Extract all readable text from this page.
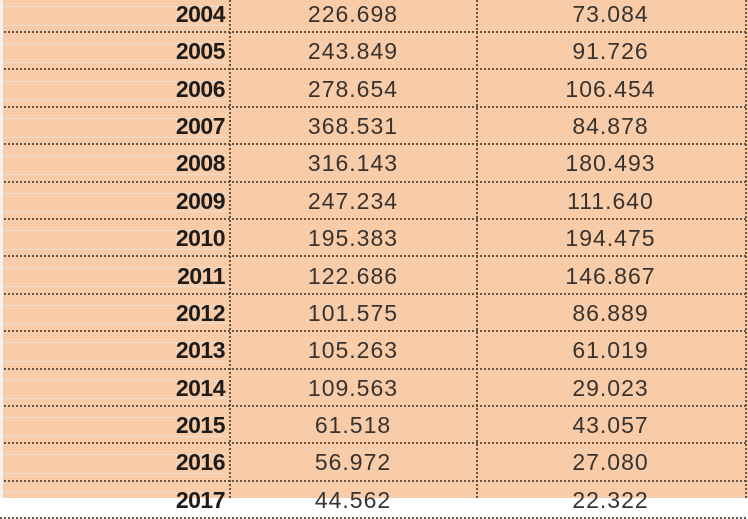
2004	226.698	73.084
2005	243.849	91.726
2006	278.654	106.454
2007	368.531	84.878
2008	316.143	180.493
2009	247.234	111.640
2010	195.383	194.475
2011	122.686	146.867
2012	101.575	86.889
2013	105.263	61.019
2014	109.563	29.023
2015	61.518	43.057
2016	56.972	27.080
2017	44.562	22.322
